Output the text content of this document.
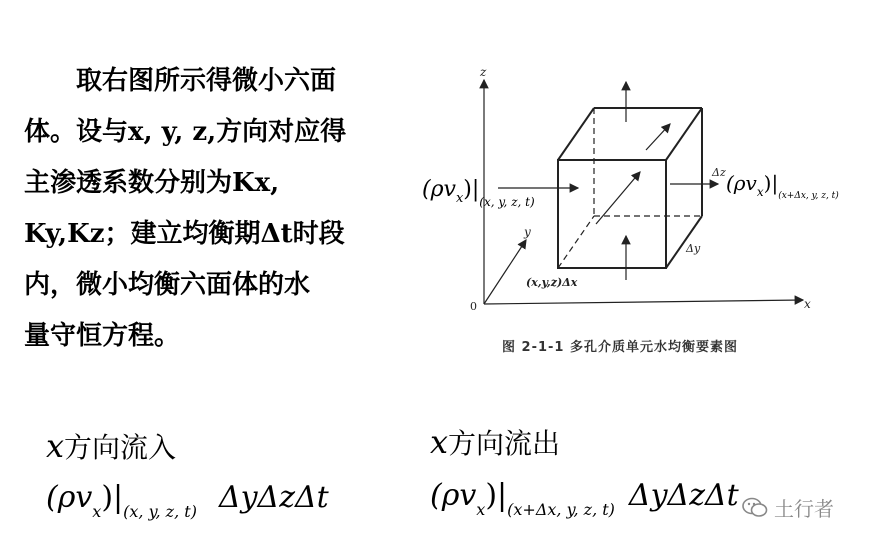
取右图所示得微小六面
体。设与x, y, z,方向对应得
主渗透系数分别为Kx,
Ky,Kz；建立均衡期Δt时段
内，微小均衡六面体的水
量守恒方程。

z
y
x
0
Δz
Δy
(x,y,z)Δx
$(\rho v_x)|_{(x, y, z, t)}$
$(\rho v_x)|_{(x+\Delta x, y, z, t)}$
图 2-1-1 多孔介质单元水均衡要素图
x方向流入
$(\rho v_x)|_{(x, y, z, t)}$ ΔyΔzΔt
x方向流出
$(\rho v_x)|_{(x+\Delta x, y, z, t)}$ ΔyΔzΔt 土行者
